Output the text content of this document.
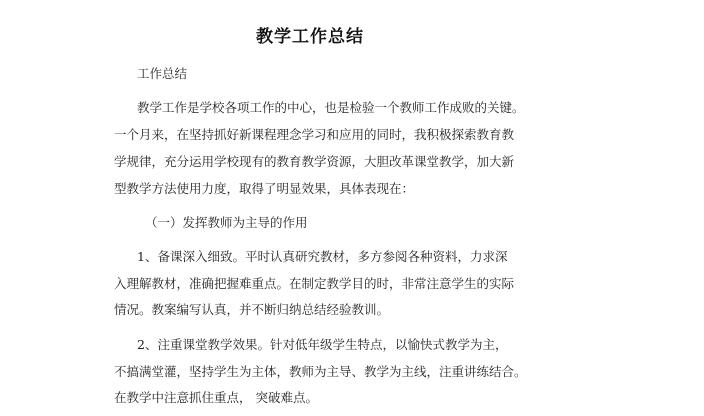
教学工作总结
工作总结
教学工作是学校各项工作的中心，也是检验一个教师工作成败的关键。
一个月来，在坚持抓好新课程理念学习和应用的同时，我积极探索教育教
学规律，充分运用学校现有的教育教学资源，大胆改革课堂教学，加大新
型教学方法使用力度，取得了明显效果，具体表现在：
（一）发挥教师为主导的作用
1、备课深入细致。平时认真研究教材，多方参阅各种资料，力求深
入理解教材，准确把握难重点。在制定教学目的时，非常注意学生的实际
情况。教案编写认真，并不断归纳总结经验教训。
2、注重课堂教学效果。针对低年级学生特点，以愉快式教学为主，
不搞满堂灌，坚持学生为主体，教师为主导、教学为主线，注重讲练结合。
在教学中注意抓住重点， 突破难点。
